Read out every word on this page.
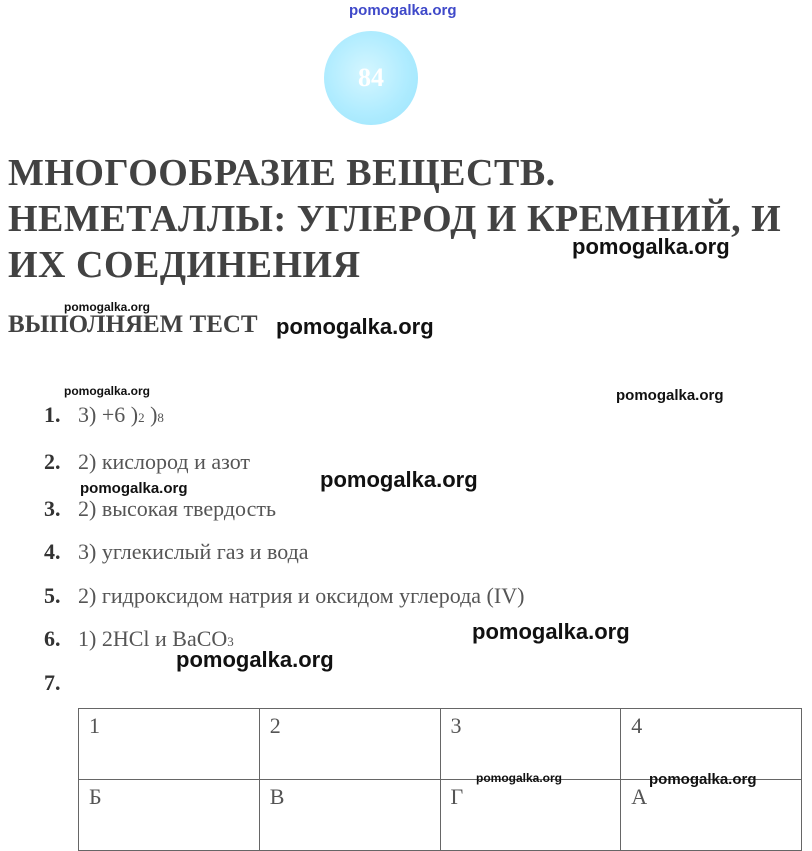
pomogalka.org
84
МНОГООБРАЗИЕ ВЕЩЕСТВ.
НЕМЕТАЛЛЫ: УГЛЕРОД И КРЕМНИЙ, И
ИХ СОЕДИНЕНИЯ
ВЫПОЛНЯЕМ ТЕСТ
1. 3) +6 )2 )8
2. 2) кислород и азот
3. 2) высокая твердость
4. 3) углекислый газ и вода
5. 2) гидроксидом натрия и оксидом углерода (IV)
6. 1) 2HCl и BaCO3
7.
1	2	3	4
Б	В	Г	А
pomogalka.org
pomogalka.org
pomogalka.org
pomogalka.org	pomogalka.org
pomogalka.org
pomogalka.org
pomogalka.org
pomogalka.org
pomogalka.org	pomogalka.org
